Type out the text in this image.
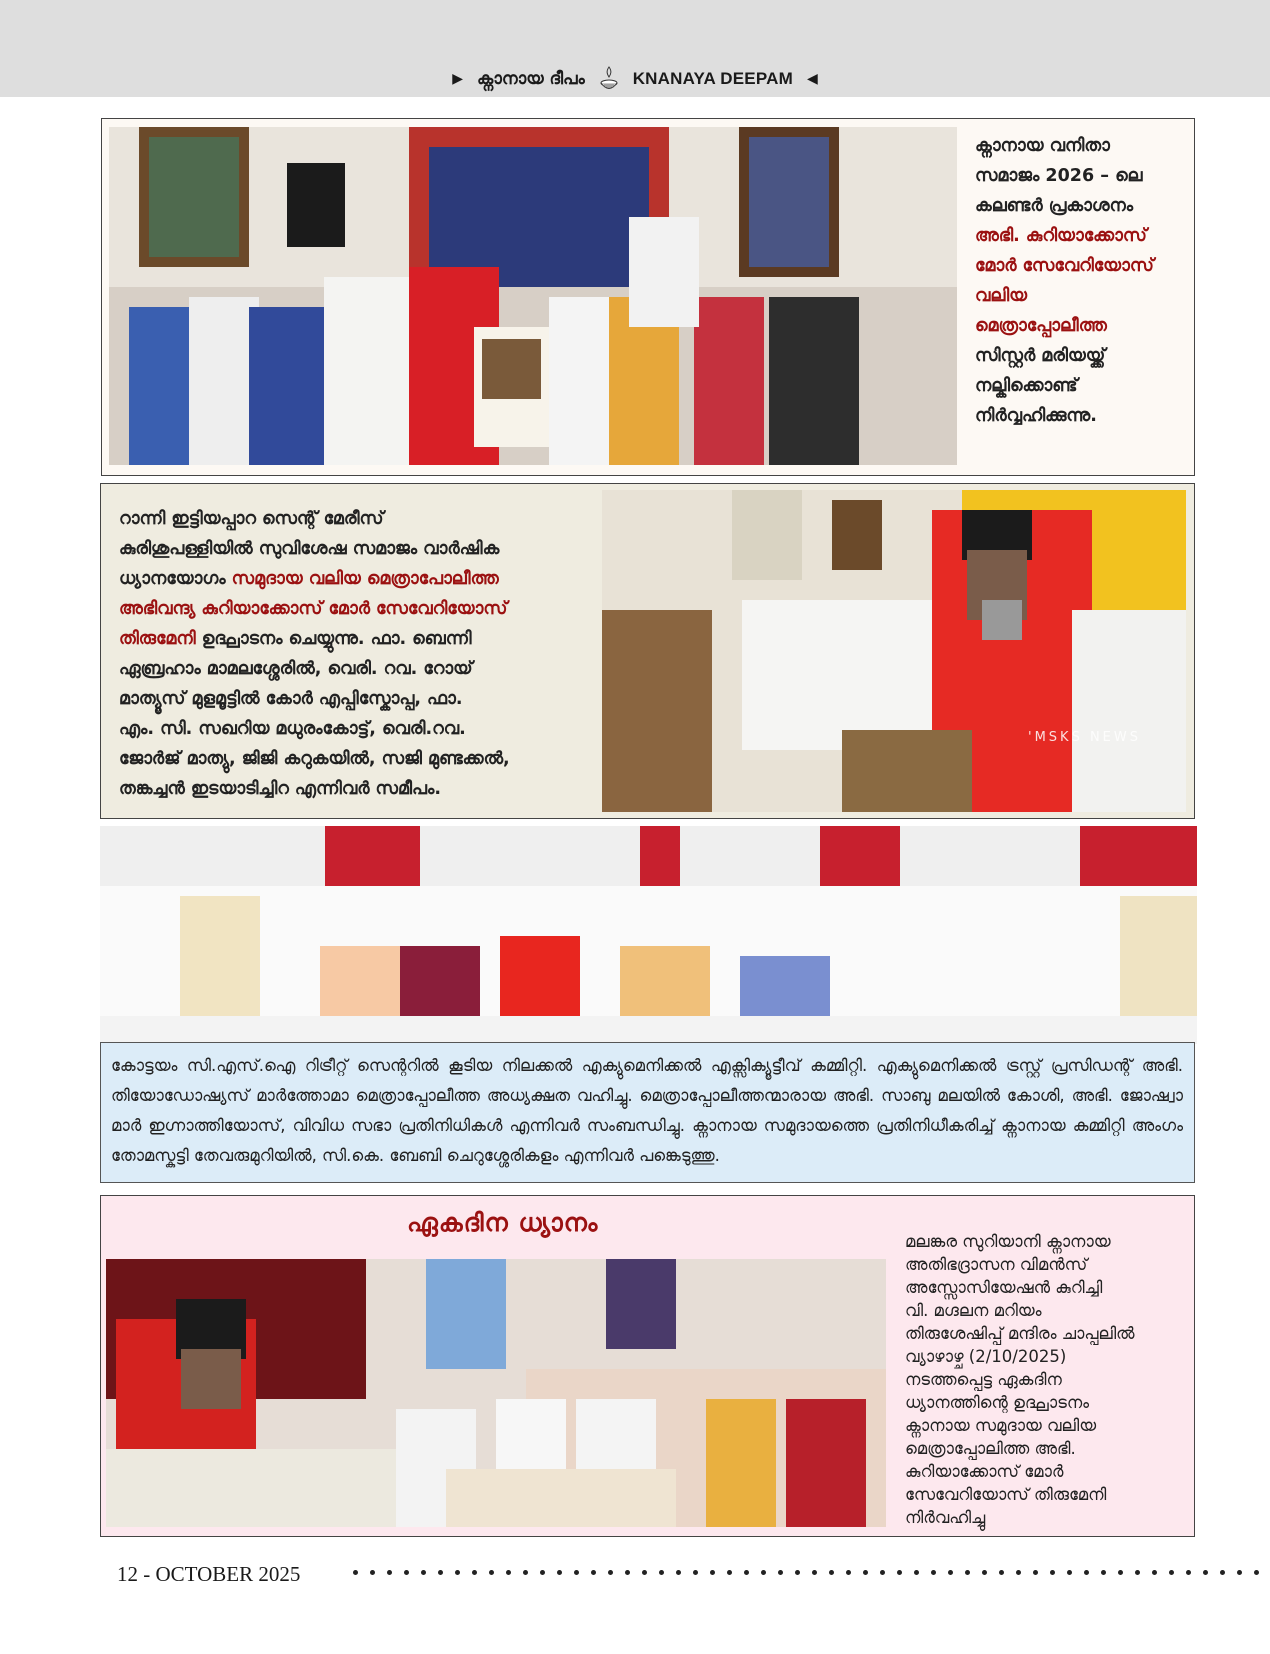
▶ ക്നാനായ ദീപം	KNANAYA DEEPAM ◀
ക്നാനായ വനിതാ
സമാജം 2026 – ലെ
കലണ്ടർ പ്രകാശനം
അഭി. കുറിയാക്കോസ്
മോർ സേവേറിയോസ്
വലിയ
മെത്രാപ്പോലീത്ത
സിസ്റ്റർ മരിയയ്ക്ക്
നല്കിക്കൊണ്ട്
നിർവ്വഹിക്കുന്നു.
റാന്നി ഇട്ടിയപ്പാറ സെന്റ് മേരീസ്
കുരിശുപള്ളിയിൽ സുവിശേഷ സമാജം വാർഷിക
ധ്യാനയോഗം സമുദായ വലിയ മെത്രാപോലീത്ത
അഭിവന്ദ്യ കുറിയാക്കോസ് മോർ സേവേറിയോസ്
തിരുമേനി ഉദ്ഘാടനം ചെയ്യുന്നു. ഫാ. ബെന്നി
ഏബ്രഹാം മാമലശ്ശേരിൽ, വെരി. റവ. റോയ്
മാത്യൂസ് മുളമൂട്ടിൽ കോർ എപ്പിസ്കോപ്പ, ഫാ.
എം. സി. സഖറിയ മധുരംകോട്ട്, വെരി.റവ.
ജോർജ് മാത്യു, ജിജി കറുകയിൽ, സജി മുണ്ടക്കൽ,
തങ്കച്ചൻ ഇടയാടിച്ചിറ എന്നിവർ സമീപം.
'MSKS NEWS
കോട്ടയം സി.എസ്.ഐ റിട്രീറ്റ് സെന്ററിൽ കൂടിയ നിലക്കൽ എക്യുമെനിക്കൽ എക്സിക്യൂട്ടീവ് കമ്മിറ്റി. എക്യുമെനിക്കൽ ട്രസ്റ്റ് പ്രസിഡന്റ് അഭി. തിയോഡോഷ്യസ് മാർത്തോമാ മെത്രാപ്പോലീത്ത അധ്യക്ഷത വഹിച്ചു. മെത്രാപ്പോലീത്തന്മാരായ അഭി. സാബു മലയിൽ കോശി, അഭി. ജോഷ്വാ മാർ ഇഗ്നാത്തിയോസ്, വിവിധ സഭാ പ്രതിനിധികൾ എന്നിവർ സംബന്ധിച്ചു. ക്നാനായ സമുദായത്തെ പ്രതിനിധീകരിച്ച് ക്നാനായ കമ്മിറ്റി അംഗം തോമസ്കുട്ടി തേവരുമുറിയിൽ, സി.കെ. ബേബി ചെറുശ്ശേരികളം എന്നിവർ പങ്കെടുത്തു.
ഏകദിന ധ്യാനം
മലങ്കര സുറിയാനി ക്നാനായ
അതിഭദ്രാസന വിമൻസ്
അസ്സോസിയേഷൻ കുറിച്ചി
വി. മഗ്ദലന മറിയം
തിരുശേഷിപ്പ് മന്ദിരം ചാപ്പലിൽ
വ്യാഴാഴ്ച (2/10/2025)
നടത്തപ്പെട്ട ഏകദിന
ധ്യാനത്തിന്റെ ഉദ്ഘാടനം
ക്നാനായ സമുദായ വലിയ
മെത്രാപ്പോലിത്ത അഭി.
കുറിയാക്കോസ് മോർ
സേവേറിയോസ് തിരുമേനി
നിർവഹിച്ചു
12 - OCTOBER 2025
